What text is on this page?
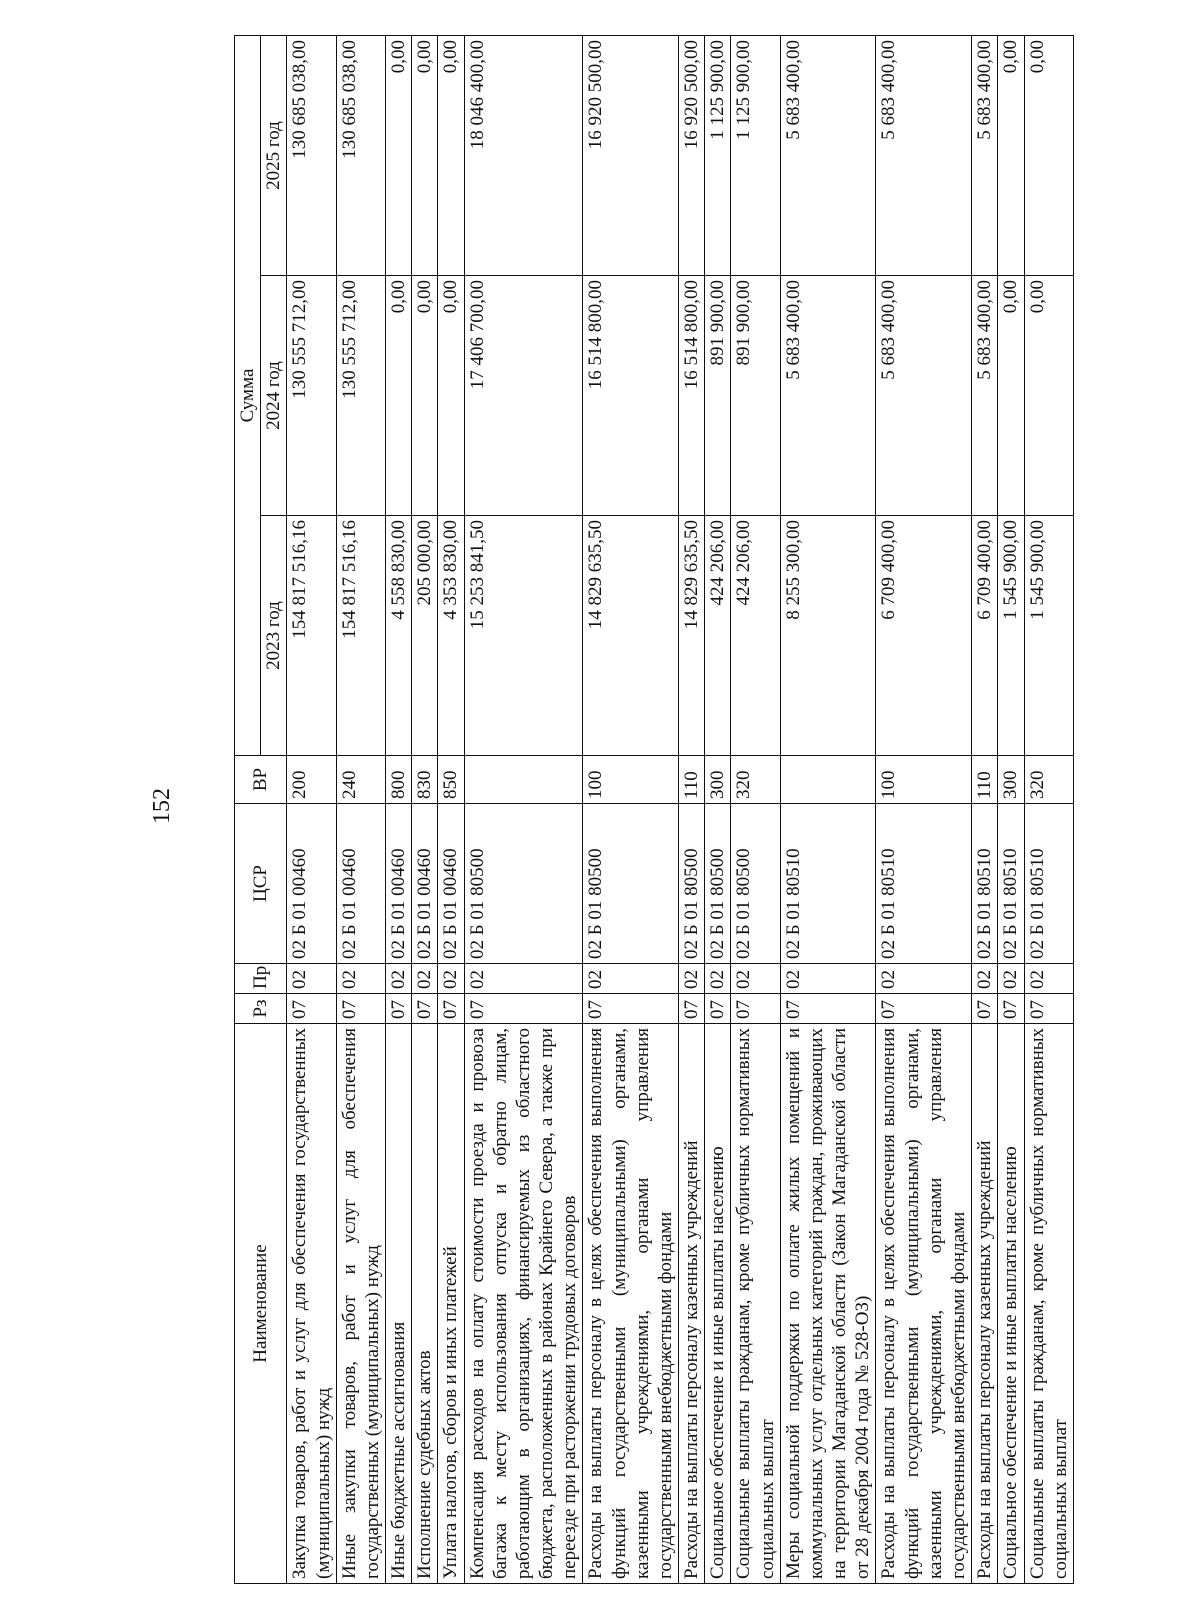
152
Наименование	Рз	Пр	ЦСР	ВР	Сумма		
					2023 год	2024 год	2025 год
Закупка товаров, работ и услуг для обеспечения государственных (муниципальных) нужд	07	02	02 Б 01 00460	200	154 817 516,16	130 555 712,00	130 685 038,00
Иные закупки товаров, работ и услуг для обеспечения государственных (муниципальных) нужд	07	02	02 Б 01 00460	240	154 817 516,16	130 555 712,00	130 685 038,00
Иные бюджетные ассигнования	07	02	02 Б 01 00460	800	4 558 830,00	0,00	0,00
Исполнение судебных актов	07	02	02 Б 01 00460	830	205 000,00	0,00	0,00
Уплата налогов, сборов и иных платежей	07	02	02 Б 01 00460	850	4 353 830,00	0,00	0,00
Компенсация расходов на оплату стоимости проезда и провоза багажа к месту использования отпуска и обратно лицам, работающим в организациях, финансируемых из областного бюджета, расположенных в районах Крайнего Севера, а также при переезде при расторжении трудовых договоров	07	02	02 Б 01 80500		15 253 841,50	17 406 700,00	18 046 400,00
Расходы на выплаты персоналу в целях обеспечения выполнения функций государственными (муниципальными) органами, казенными учреждениями, органами управления государственными внебюджетными фондами	07	02	02 Б 01 80500	100	14 829 635,50	16 514 800,00	16 920 500,00
Расходы на выплаты персоналу казенных учреждений	07	02	02 Б 01 80500	110	14 829 635,50	16 514 800,00	16 920 500,00
Социальное обеспечение и иные выплаты населению	07	02	02 Б 01 80500	300	424 206,00	891 900,00	1 125 900,00
Социальные выплаты гражданам, кроме публичных нормативных социальных выплат	07	02	02 Б 01 80500	320	424 206,00	891 900,00	1 125 900,00
Меры социальной поддержки по оплате жилых помещений и коммунальных услуг отдельных категорий граждан, проживающих на территории Магаданской области (Закон Магаданской области от 28 декабря 2004 года № 528-ОЗ)	07	02	02 Б 01 80510		8 255 300,00	5 683 400,00	5 683 400,00
Расходы на выплаты персоналу в целях обеспечения выполнения функций государственными (муниципальными) органами, казенными учреждениями, органами управления государственными внебюджетными фондами	07	02	02 Б 01 80510	100	6 709 400,00	5 683 400,00	5 683 400,00
Расходы на выплаты персоналу казенных учреждений	07	02	02 Б 01 80510	110	6 709 400,00	5 683 400,00	5 683 400,00
Социальное обеспечение и иные выплаты населению	07	02	02 Б 01 80510	300	1 545 900,00	0,00	0,00
Социальные выплаты гражданам, кроме публичных нормативных социальных выплат	07	02	02 Б 01 80510	320	1 545 900,00	0,00	0,00
